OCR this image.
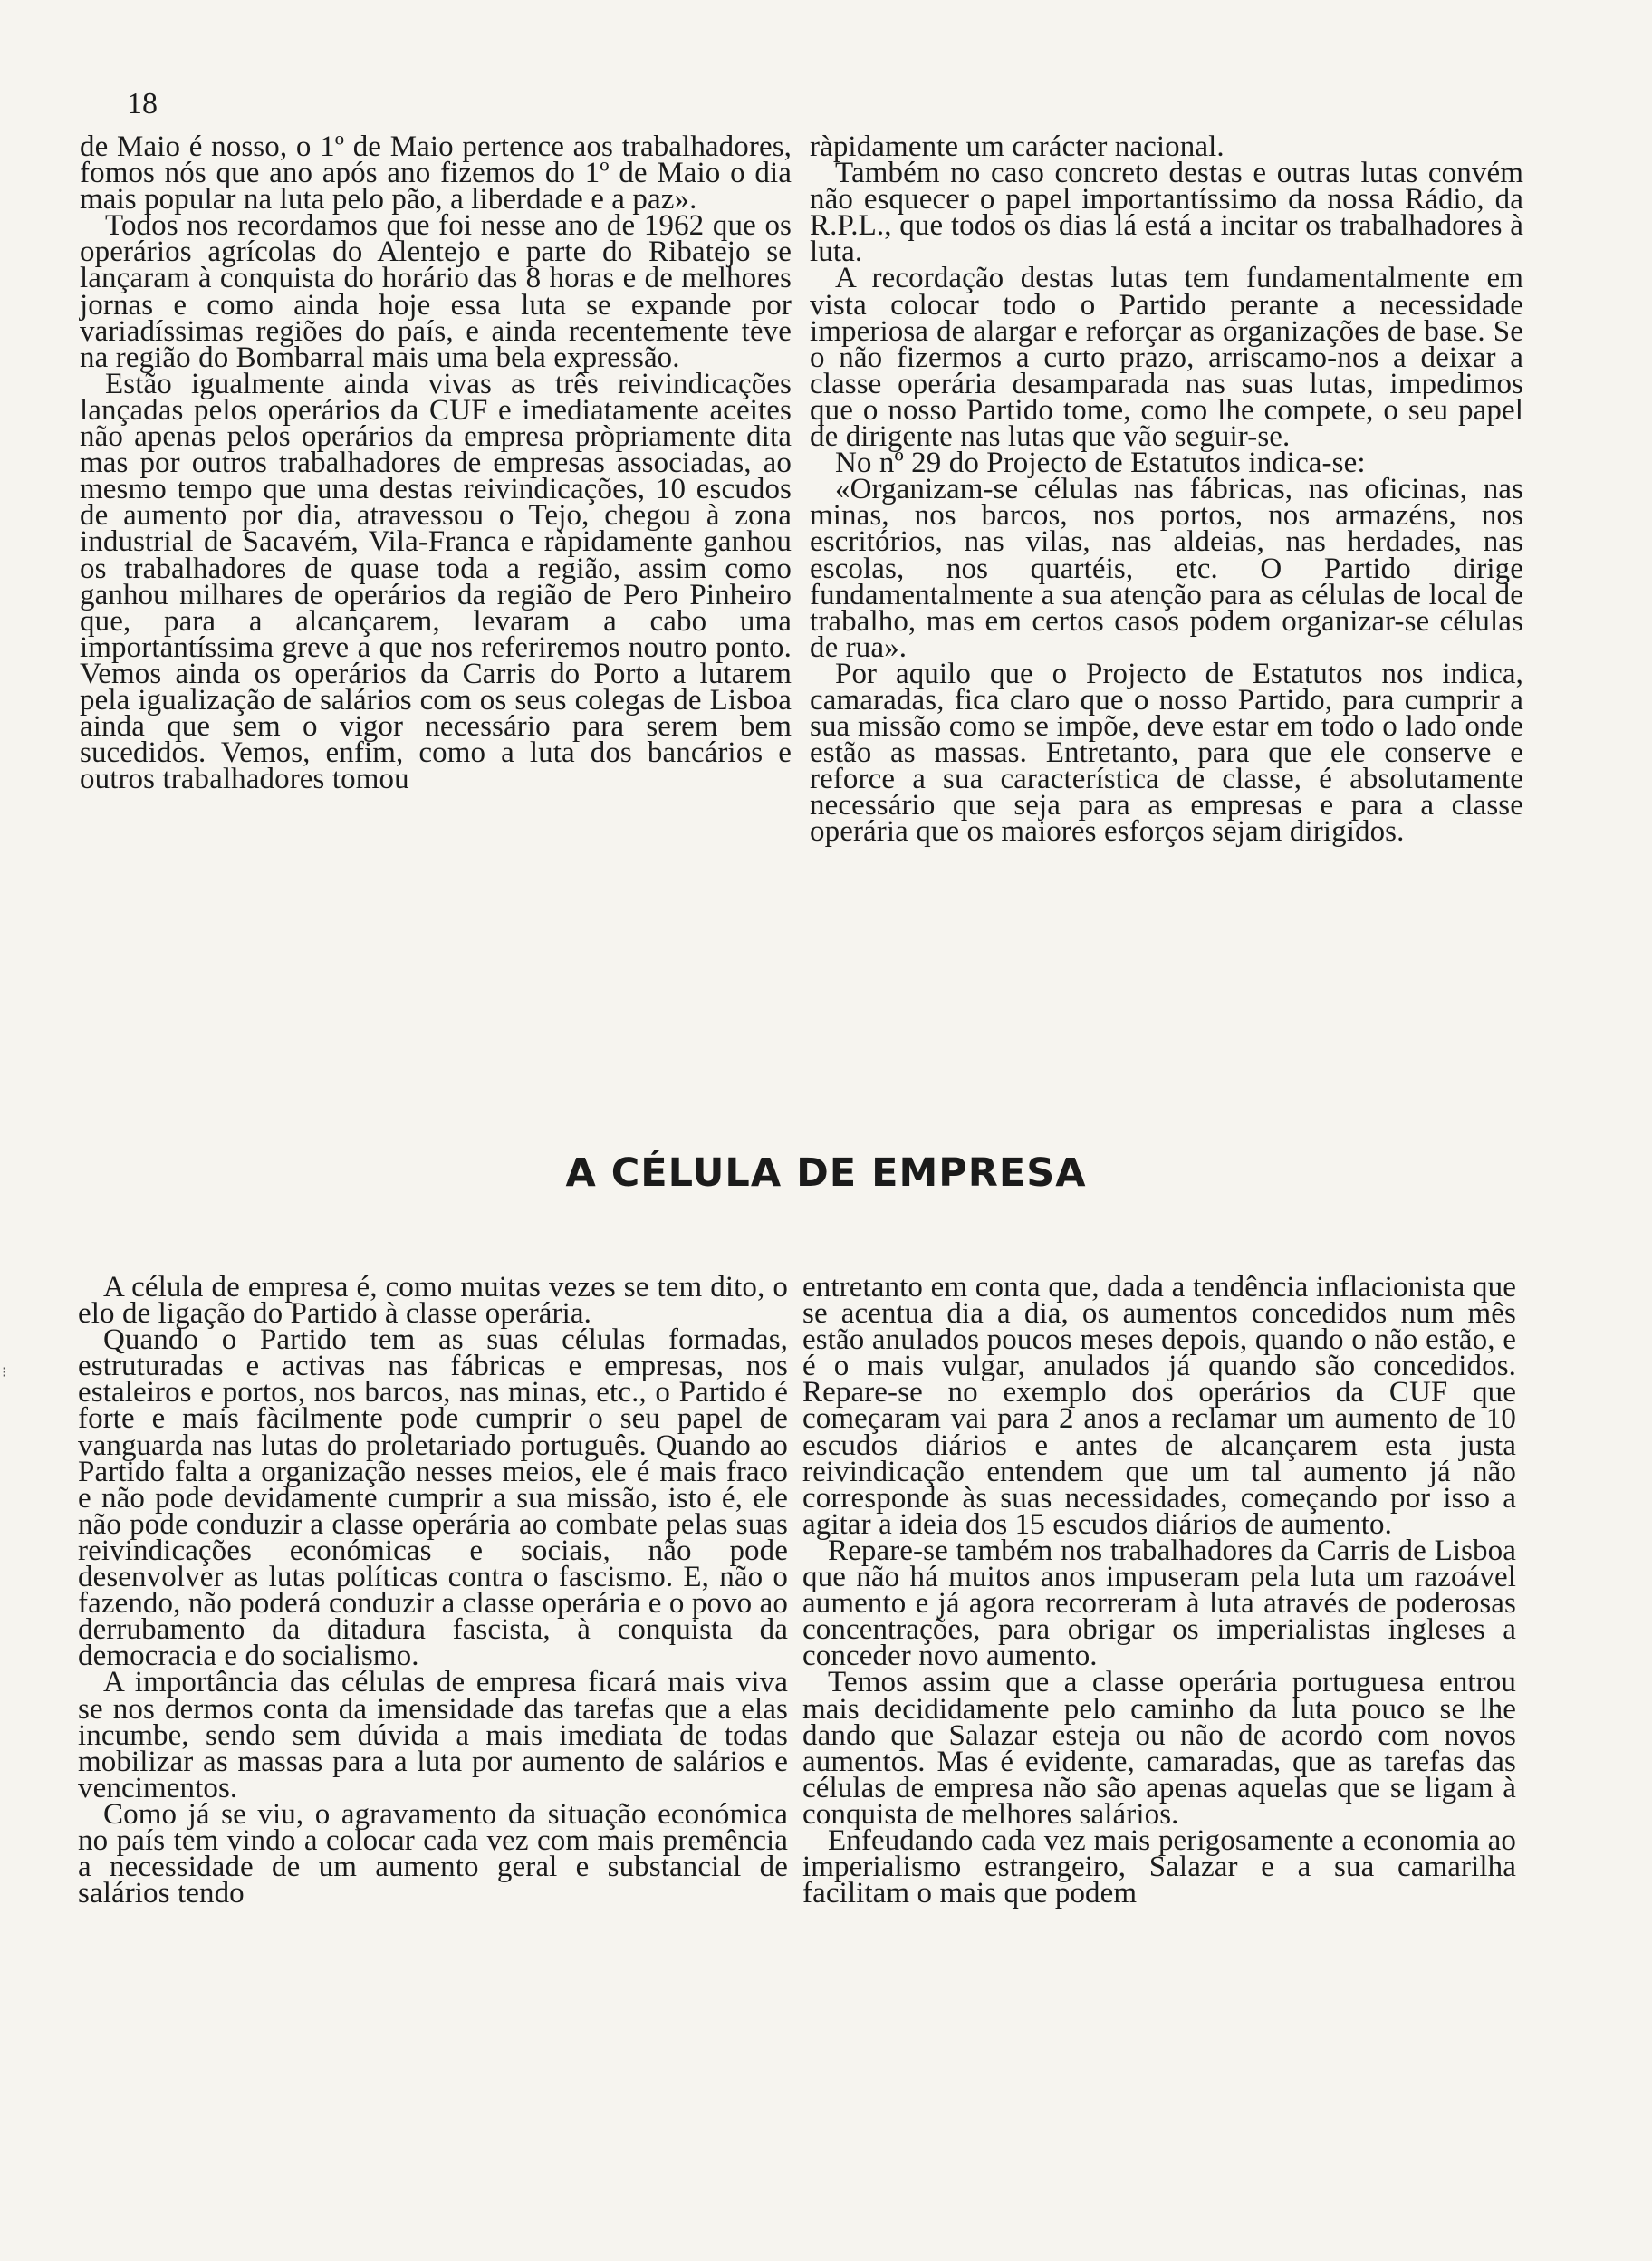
18

de Maio é nosso, o 1º de Maio pertence aos trabalhadores, fomos nós que ano após ano fizemos do 1º de Maio o dia mais popular na luta pelo pão, a liberdade e a paz».

Todos nos recordamos que foi nesse ano de 1962 que os operários agrícolas do Alentejo e parte do Ribatejo se lançaram à conquista do horário das 8 horas e de melhores jornas e como ainda hoje essa luta se expande por variadíssimas regiões do país, e ainda recentemente teve na região do Bombarral mais uma bela expressão.

Estão igualmente ainda vivas as três reivindicações lançadas pelos operários da CUF e imediatamente aceites não apenas pelos operários da empresa pròpriamente dita mas por outros trabalhadores de empresas associadas, ao mesmo tempo que uma destas reivindicações, 10 escudos de aumento por dia, atravessou o Tejo, chegou à zona industrial de Sacavém, Vila-Franca e ràpidamente ganhou os trabalhadores de quase toda a região, assim como ganhou milhares de operários da região de Pero Pinheiro que, para a alcançarem, levaram a cabo uma importantíssima greve a que nos referiremos noutro ponto. Vemos ainda os operários da Carris do Porto a lutarem pela igualização de salários com os seus colegas de Lisboa ainda que sem o vigor necessário para serem bem sucedidos. Vemos, enfim, como a luta dos bancários e outros trabalhadores tomou

ràpidamente um carácter nacional.

Também no caso concreto destas e outras lutas convém não esquecer o papel importantíssimo da nossa Rádio, da R.P.L., que todos os dias lá está a incitar os trabalhadores à luta.

A recordação destas lutas tem fundamentalmente em vista colocar todo o Partido perante a necessidade imperiosa de alargar e reforçar as organizações de base. Se o não fizermos a curto prazo, arriscamo-nos a deixar a classe operária desamparada nas suas lutas, impedimos que o nosso Partido tome, como lhe compete, o seu papel de dirigente nas lutas que vão seguir-se.

No nº 29 do Projecto de Estatutos indica-se:

«Organizam-se células nas fábricas, nas oficinas, nas minas, nos barcos, nos portos, nos armazéns, nos escritórios, nas vilas, nas aldeias, nas herdades, nas escolas, nos quartéis, etc. O Partido dirige fundamentalmente a sua atenção para as células de local de trabalho, mas em certos casos podem organizar-se células de rua».

Por aquilo que o Projecto de Estatutos nos indica, camaradas, fica claro que o nosso Partido, para cumprir a sua missão como se impõe, deve estar em todo o lado onde estão as massas. Entretanto, para que ele conserve e reforce a sua característica de classe, é absolutamente necessário que seja para as empresas e para a classe operária que os maiores esforços sejam dirigidos.

A CÉLULA DE EMPRESA
⁝

A célula de empresa é, como muitas vezes se tem dito, o elo de ligação do Partido à classe operária.

Quando o Partido tem as suas células formadas, estruturadas e activas nas fábricas e empresas, nos estaleiros e portos, nos barcos, nas minas, etc., o Partido é forte e mais fàcilmente pode cumprir o seu papel de vanguarda nas lutas do proletariado português. Quando ao Partido falta a organização nesses meios, ele é mais fraco e não pode devidamente cumprir a sua missão, isto é, ele não pode conduzir a classe operária ao combate pelas suas reivindicações económicas e sociais, não pode desenvolver as lutas políticas contra o fascismo. E, não o fazendo, não poderá conduzir a classe operária e o povo ao derrubamento da ditadura fascista, à conquista da democracia e do socialismo.

A importância das células de empresa ficará mais viva se nos dermos conta da imensidade das tarefas que a elas incumbe, sendo sem dúvida a mais imediata de todas mobilizar as massas para a luta por aumento de salários e vencimentos.

Como já se viu, o agravamento da situação económica no país tem vindo a colocar cada vez com mais premência a necessidade de um aumento geral e substancial de salários tendo

entretanto em conta que, dada a tendência inflacionista que se acentua dia a dia, os aumentos concedidos num mês estão anulados poucos meses depois, quando o não estão, e é o mais vulgar, anulados já quando são concedidos. Repare-se no exemplo dos operários da CUF que começaram vai para 2 anos a reclamar um aumento de 10 escudos diários e antes de alcançarem esta justa reivindicação entendem que um tal aumento já não corresponde às suas necessidades, começando por isso a agitar a ideia dos 15 escudos diários de aumento.

Repare-se também nos trabalhadores da Carris de Lisboa que não há muitos anos impuseram pela luta um razoável aumento e já agora recorreram à luta através de poderosas concentrações, para obrigar os imperialistas ingleses a conceder novo aumento.

Temos assim que a classe operária portuguesa entrou mais decididamente pelo caminho da luta pouco se lhe dando que Salazar esteja ou não de acordo com novos aumentos. Mas é evidente, camaradas, que as tarefas das células de empresa não são apenas aquelas que se ligam à conquista de melhores salários.

Enfeudando cada vez mais perigosamente a economia ao imperialismo estrangeiro, Salazar e a sua camarilha facilitam o mais que podem
